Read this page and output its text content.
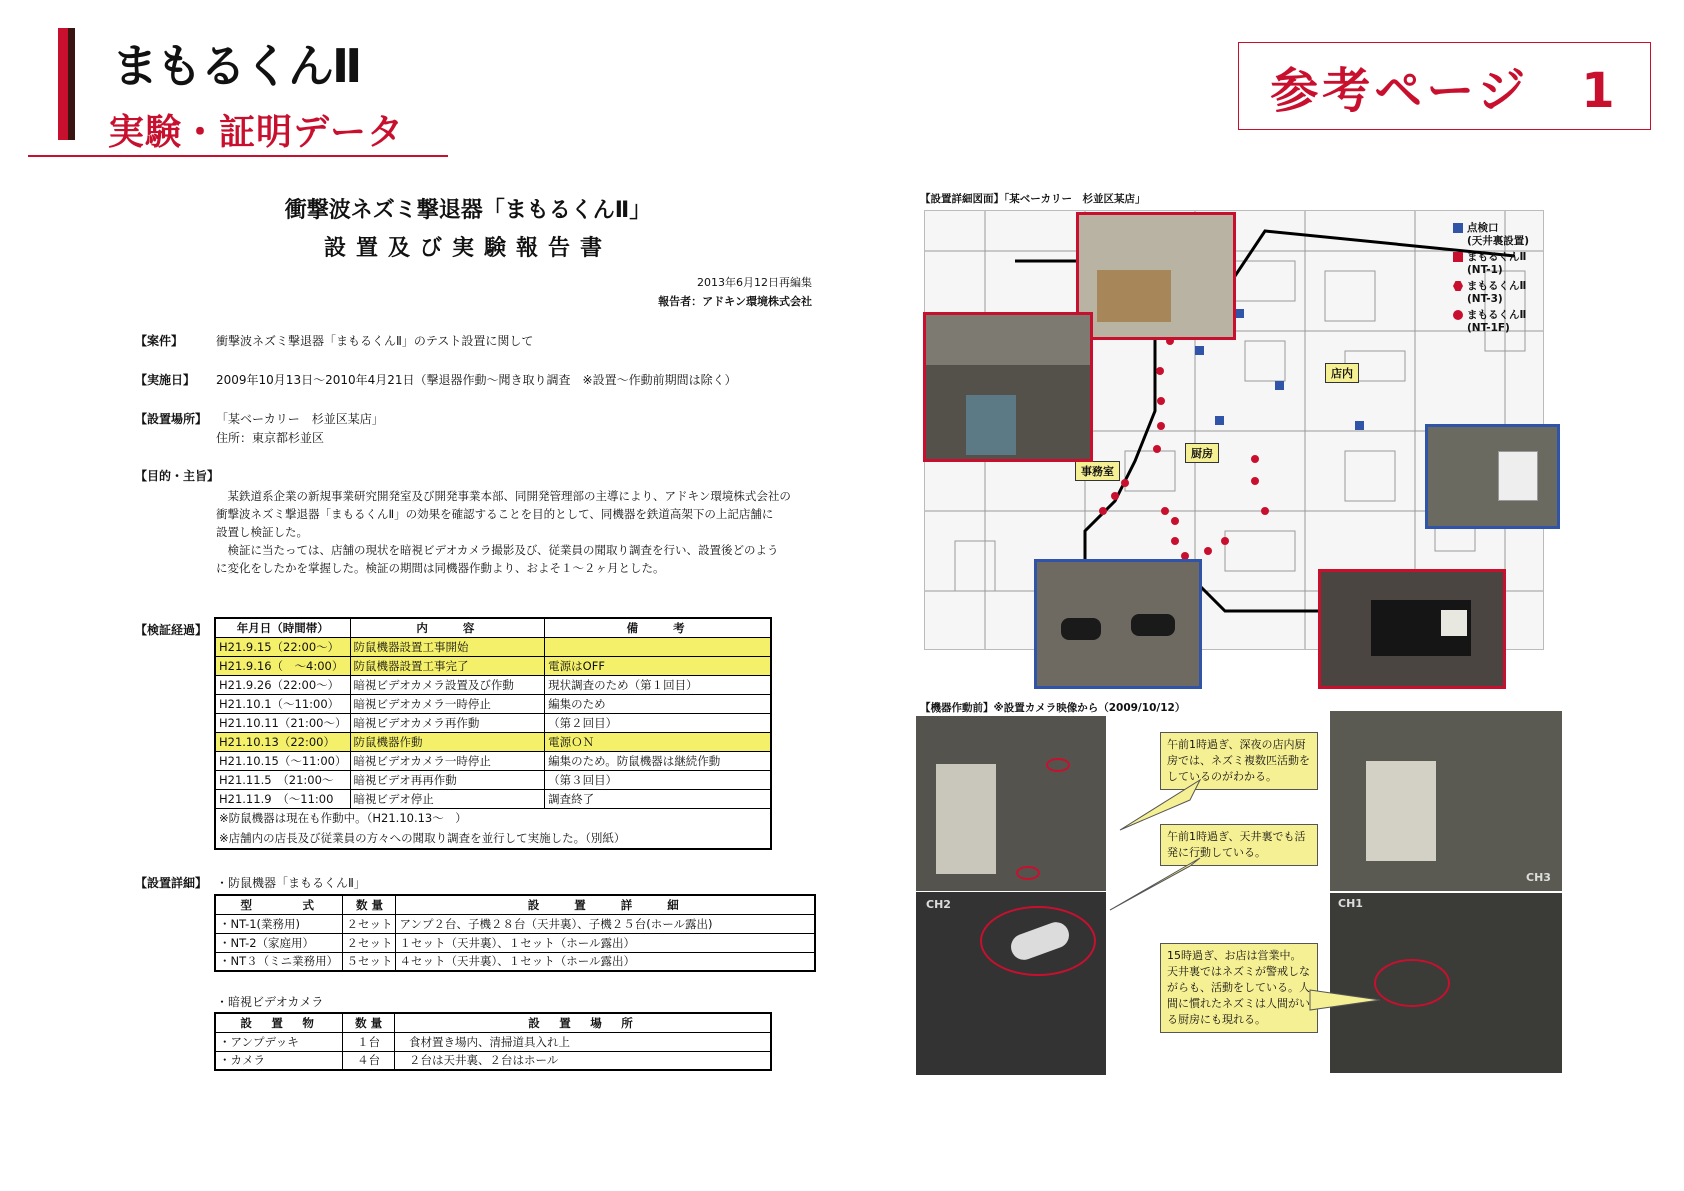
まもるくんⅡ
実験・証明データ
参考ページ　1
衝撃波ネズミ撃退器「まもるくんⅡ」
設置及び実験報告書
2013年6月12日再編集
報告者：アドキン環境株式会社
【案件】	衝撃波ネズミ撃退器「まもるくんⅡ」のテスト設置に関して
【実施日】 2009年10月13日〜2010年4月21日（撃退器作動〜聞き取り調査　※設置〜作動前期間は除く）
【設置場所】 「某ベーカリー　杉並区某店」
住所：東京都杉並区
【目的・主旨】
　某鉄道系企業の新規事業研究開発室及び開発事業本部、同開発管理部の主導により、アドキン環境株式会社の
衝撃波ネズミ撃退器「まもるくんⅡ」の効果を確認することを目的として、同機器を鉄道高架下の上記店舗に
設置し検証した。
　検証に当たっては、店舗の現状を暗視ビデオカメラ撮影及び、従業員の聞取り調査を行い、設置後どのよう
に変化をしたかを掌握した。検証の期間は同機器作動より、およそ１〜２ヶ月とした。
【検証経過】	年月日（時間帯）	内　　容	備　　考
H21.9.15（22:00〜）	防鼠機器設置工事開始	
H21.9.16（　〜4:00）	防鼠機器設置工事完了	電源はOFF
H21.9.26（22:00〜）	暗視ビデオカメラ設置及び作動	現状調査のため（第１回目）
H21.10.1（〜11:00）	暗視ビデオカメラ一時停止	編集のため
H21.10.11（21:00〜）	暗視ビデオカメラ再作動	（第２回目）
H21.10.13（22:00）	防鼠機器作動	電源ＯＮ
H21.10.15（〜11:00）	暗視ビデオカメラ一時停止	編集のため。防鼠機器は継続作動
H21.11.5　（21:00〜	暗視ビデオ再再作動	（第３回目）
H21.11.9　（〜11:00	暗視ビデオ停止	調査終了
※防鼠機器は現在も作動中。（H21.10.13〜　）		
※店舗内の店長及び従業員の方々への聞取り調査を並行して実施した。（別紙）		
【設置詳細】 ・防鼠機器「まもるくんⅡ」
型　　　式	数 量	設　　置　　詳　　細
・NT-1(業務用)	２セット	アンプ２台、子機２８台（天井裏）、子機２５台(ホール露出)
・NT-2（家庭用）	２セット	１セット（天井裏）、１セット（ホール露出）
・NT３（ミニ業務用）	５セット	４セット（天井裏）、１セット（ホール露出）
・暗視ビデオカメラ
設　置　物	数 量	設　置　場　所
・アンプデッキ	１台	食材置き場内、清掃道具入れ上
・カメラ	４台	２台は天井裏、２台はホール
【設置詳細図面】「某ベーカリー　杉並区某店」
店内
厨房
事務室
点検口
(天井裏設置)
まもるくんⅡ
(NT-1)
まもるくんⅡ
(NT-3)
まもるくんⅡ
(NT-1F)
【機器作動前】※設置カメラ映像から（2009/10/12）
CH2
CH3
CH1
午前1時過ぎ、深夜の店内厨房では、ネズミ複数匹活動をしているのがわかる。
午前1時過ぎ、天井裏でも活発に行動している。
15時過ぎ、お店は営業中。天井裏ではネズミが警戒しながらも、活動をしている。人間に慣れたネズミは人間がいる厨房にも現れる。
